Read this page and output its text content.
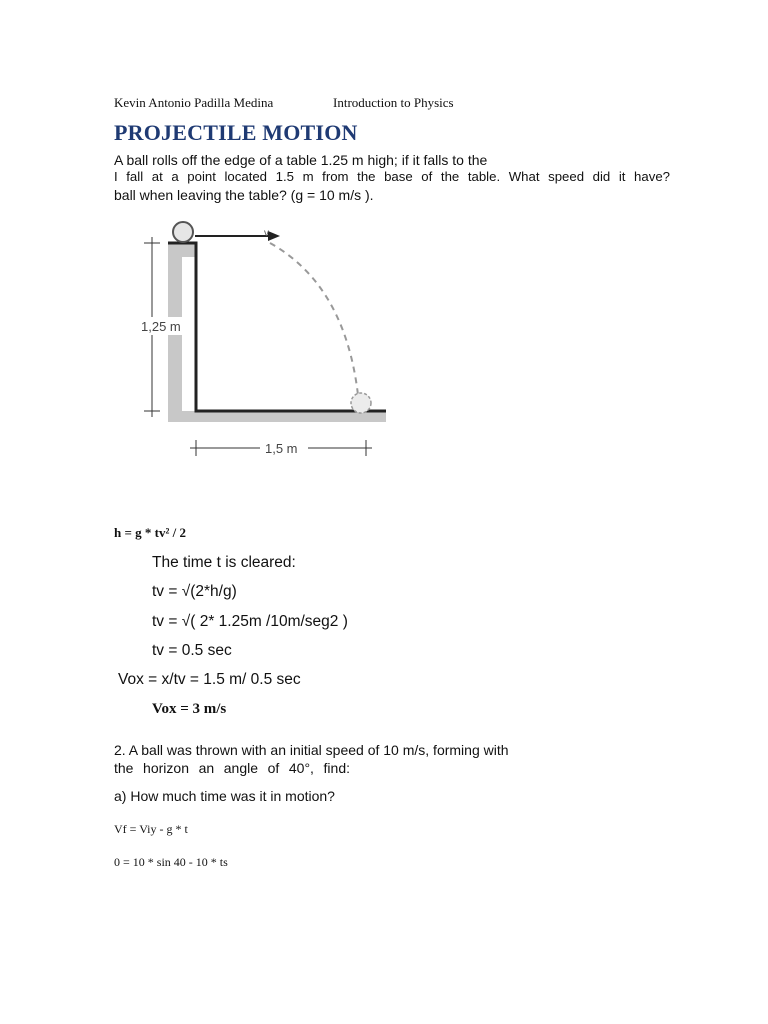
Kevin Antonio Padilla Medina	Introduction to Physics
PROJECTILE MOTION
A ball rolls off the edge of a table 1.25 m high; if it falls to the
I fall at a point located 1.5 m from the base of the table. What speed did it have?
ball when leaving the table? (g = 10 m/s ).
v
1,25 m
1,5 m
h = g * tv² / 2
The time t is cleared:
tv = √(2*h/g)
tv = √( 2* 1.25m /10m/seg2 )
tv = 0.5 sec
Vox = x/tv = 1.5 m/ 0.5 sec
Vox = 3 m/s
2. A ball was thrown with an initial speed of 10 m/s, forming with
the horizon an angle of 40°, find:
a) How much time was it in motion?
Vf = Viy - g * t
0 = 10 * sin 40 - 10 * ts
